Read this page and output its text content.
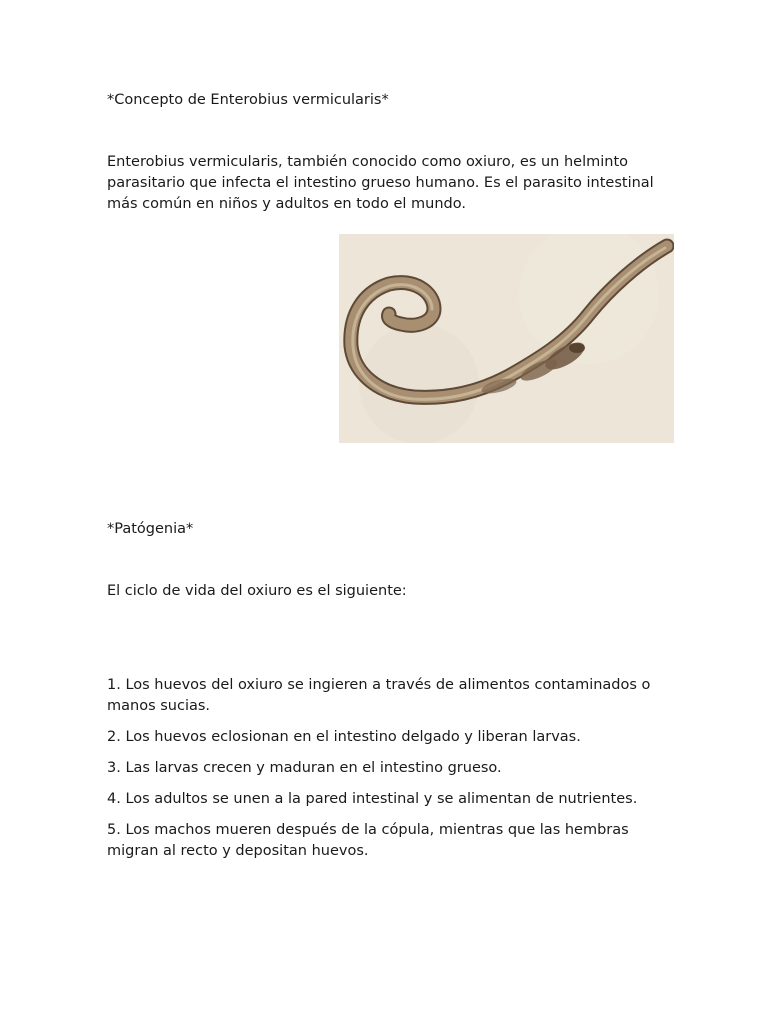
*Concepto de Enterobius vermicularis*

Enterobius vermicularis, también conocido como oxiuro, es un helminto parasitario que infecta el intestino grueso humano. Es el parasito intestinal más común en niños y adultos en todo el mundo.

*Patógenia*

El ciclo de vida del oxiuro es el siguiente:

1. Los huevos del oxiuro se ingieren a través de alimentos contaminados o manos sucias.
2. Los huevos eclosionan en el intestino delgado y liberan larvas.
3. Las larvas crecen y maduran en el intestino grueso.
4. Los adultos se unen a la pared intestinal y se alimentan de nutrientes.
5. Los machos mueren después de la cópula, mientras que las hembras migran al recto y depositan huevos.
